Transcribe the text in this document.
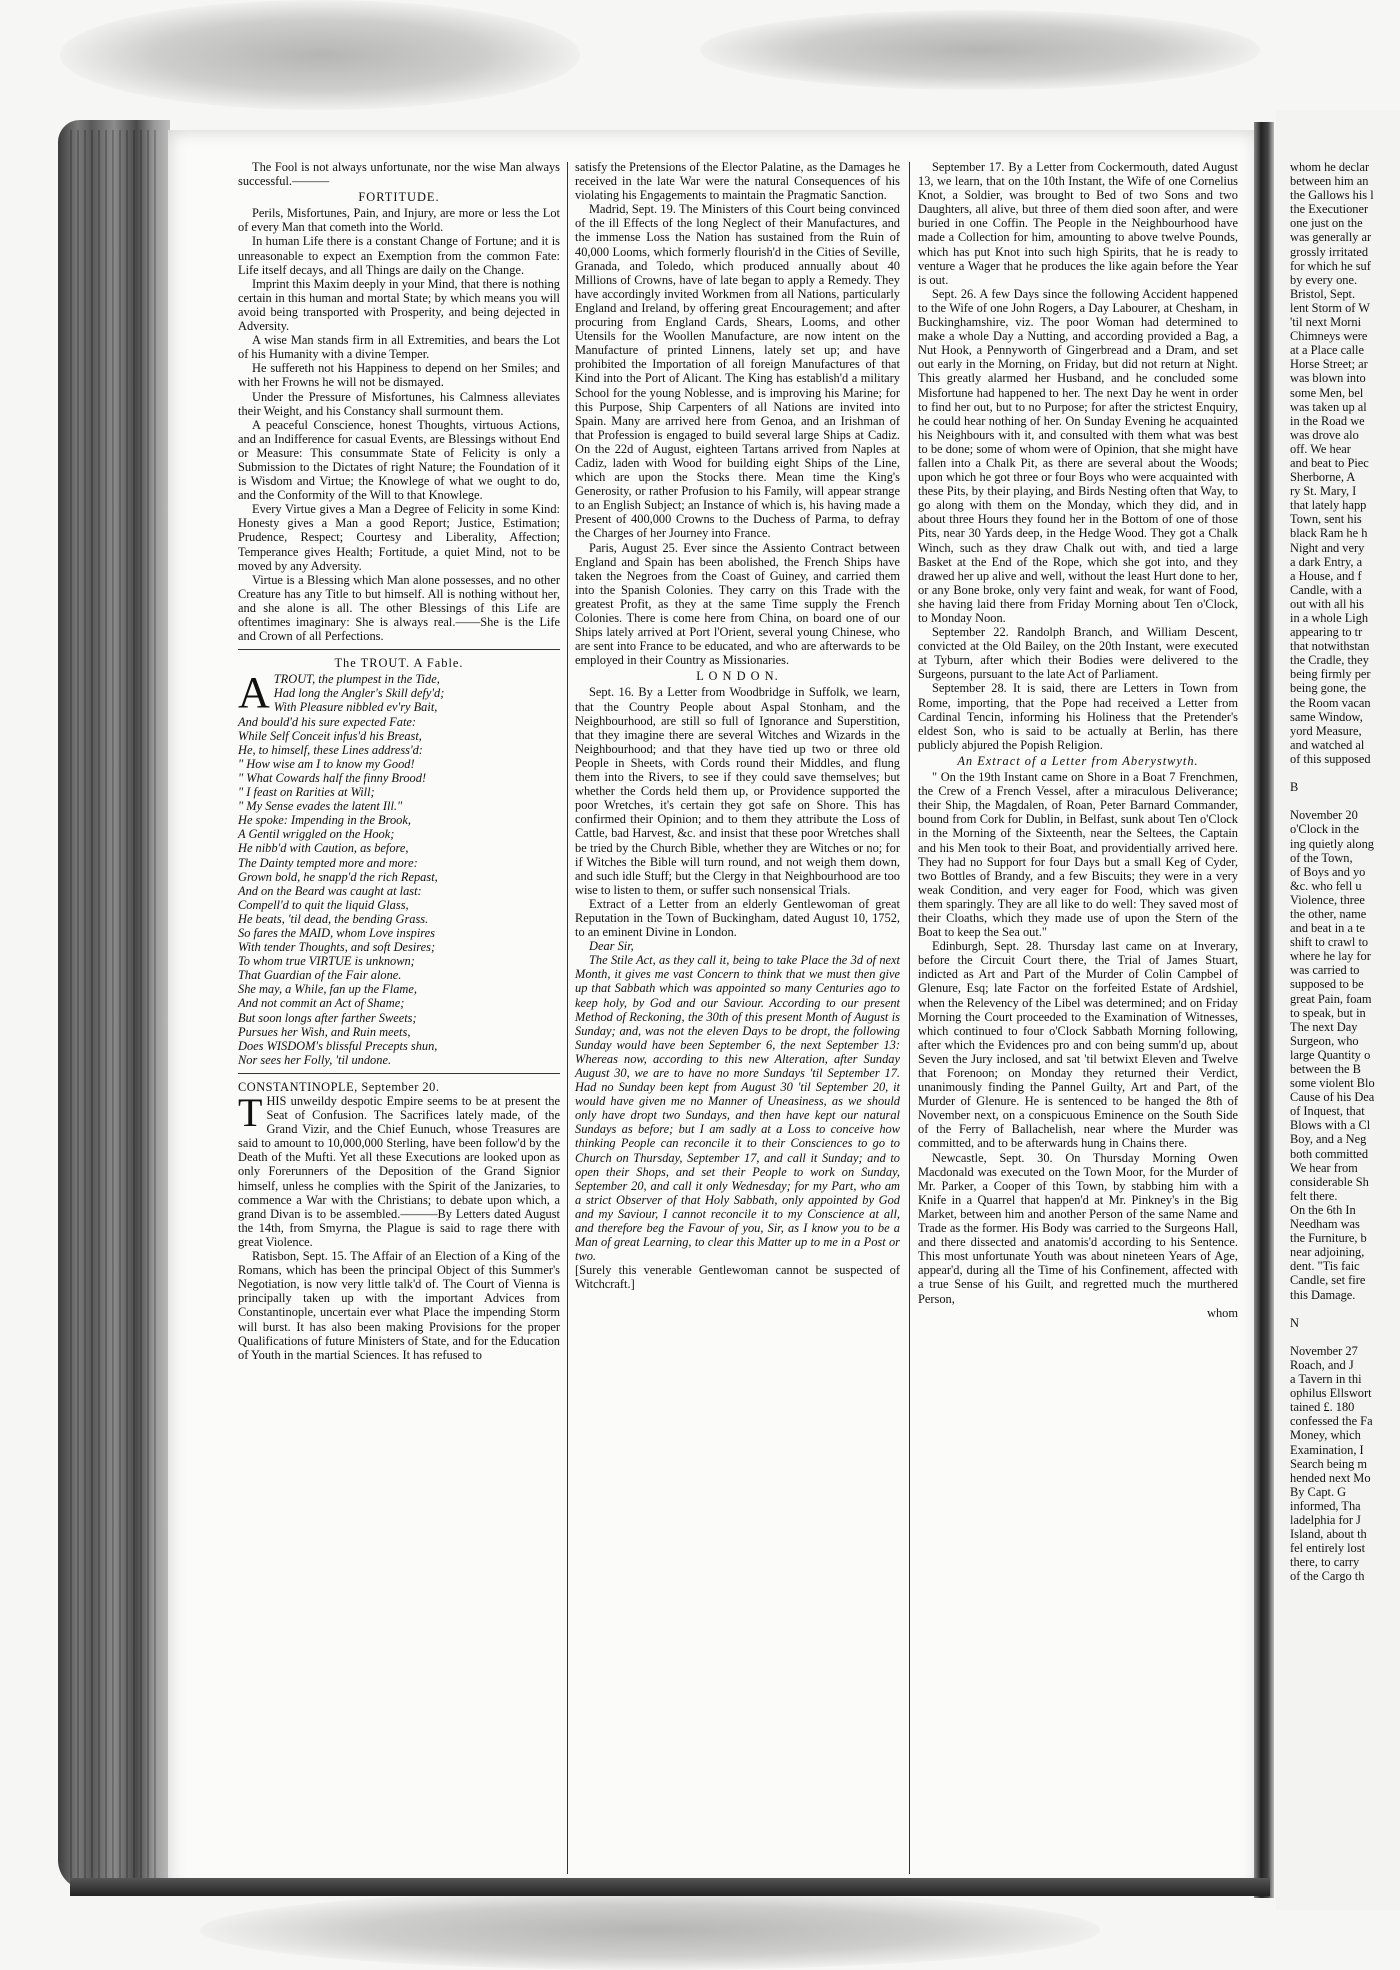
The Fool is not always unfortunate, nor the wise Man always successful.———

FORTITUDE.

Perils, Misfortunes, Pain, and Injury, are more or less the Lot of every Man that cometh into the World.

In human Life there is a constant Change of Fortune; and it is unreasonable to expect an Exemption from the common Fate: Life itself decays, and all Things are daily on the Change.

Imprint this Maxim deeply in your Mind, that there is nothing certain in this human and mortal State; by which means you will avoid being transported with Prosperity, and being dejected in Adversity.

A wise Man stands firm in all Extremities, and bears the Lot of his Humanity with a divine Temper.

He suffereth not his Happiness to depend on her Smiles; and with her Frowns he will not be dismayed.

Under the Pressure of Misfortunes, his Calmness alleviates their Weight, and his Constancy shall surmount them.

A peaceful Conscience, honest Thoughts, virtuous Actions, and an Indifference for casual Events, are Blessings without End or Measure: This consummate State of Felicity is only a Submission to the Dictates of right Nature; the Foundation of it is Wisdom and Virtue; the Knowlege of what we ought to do, and the Conformity of the Will to that Knowlege.

Every Virtue gives a Man a Degree of Felicity in some Kind: Honesty gives a Man a good Report; Justice, Estimation; Prudence, Respect; Courtesy and Liberality, Affection; Temperance gives Health; Fortitude, a quiet Mind, not to be moved by any Adversity.

Virtue is a Blessing which Man alone possesses, and no other Creature has any Title to but himself. All is nothing without her, and she alone is all. The other Blessings of this Life are oftentimes imaginary: She is always real.——She is the Life and Crown of all Perfections.

The TROUT. A Fable.

A TROUT, the plumpest in the Tide,

Had long the Angler's Skill defy'd;

With Pleasure nibbled ev'ry Bait,

And bould'd his sure expected Fate:

While Self Conceit infus'd his Breast,

He, to himself, these Lines address'd:

" How wise am I to know my Good!

" What Cowards half the finny Brood!

" I feast on Rarities at Will;

" My Sense evades the latent Ill."

He spoke: Impending in the Brook,

A Gentil wriggled on the Hook;

He nibb'd with Caution, as before,

The Dainty tempted more and more:

Grown bold, he snapp'd the rich Repast,

And on the Beard was caught at last:

Compell'd to quit the liquid Glass,

He beats, 'til dead, the bending Grass.

So fares the MAID, whom Love inspires

With tender Thoughts, and soft Desires;

To whom true VIRTUE is unknown;

That Guardian of the Fair alone.

She may, a While, fan up the Flame,

And not commit an Act of Shame;

But soon longs after farther Sweets;

Pursues her Wish, and Ruin meets,

Does WISDOM's blissful Precepts shun,

Nor sees her Folly, 'til undone.

CONSTANTINOPLE, September 20.

THIS unweildy despotic Empire seems to be at present the Seat of Confusion. The Sacrifices lately made, of the Grand Vizir, and the Chief Eunuch, whose Treasures are said to amount to 10,000,000 Sterling, have been follow'd by the Death of the Mufti. Yet all these Executions are looked upon as only Forerunners of the Deposition of the Grand Signior himself, unless he complies with the Spirit of the Janizaries, to commence a War with the Christians; to debate upon which, a grand Divan is to be assembled.———By Letters dated August the 14th, from Smyrna, the Plague is said to rage there with great Violence.

Ratisbon, Sept. 15. The Affair of an Election of a King of the Romans, which has been the principal Object of this Summer's Negotiation, is now very little talk'd of. The Court of Vienna is principally taken up with the important Advices from Constantinople, uncertain ever what Place the impending Storm will burst. It has also been making Provisions for the proper Qualifications of future Ministers of State, and for the Education of Youth in the martial Sciences. It has refused to

satisfy the Pretensions of the Elector Palatine, as the Damages he received in the late War were the natural Consequences of his violating his Engagements to maintain the Pragmatic Sanction.

Madrid, Sept. 19. The Ministers of this Court being convinced of the ill Effects of the long Neglect of their Manufactures, and the immense Loss the Nation has sustained from the Ruin of 40,000 Looms, which formerly flourish'd in the Cities of Seville, Granada, and Toledo, which produced annually about 40 Millions of Crowns, have of late began to apply a Remedy. They have accordingly invited Workmen from all Nations, particularly England and Ireland, by offering great Encouragement; and after procuring from England Cards, Shears, Looms, and other Utensils for the Woollen Manufacture, are now intent on the Manufacture of printed Linnens, lately set up; and have prohibited the Importation of all foreign Manufactures of that Kind into the Port of Alicant. The King has establish'd a military School for the young Noblesse, and is improving his Marine; for this Purpose, Ship Carpenters of all Nations are invited into Spain. Many are arrived here from Genoa, and an Irishman of that Profession is engaged to build several large Ships at Cadiz. On the 22d of August, eighteen Tartans arrived from Naples at Cadiz, laden with Wood for building eight Ships of the Line, which are upon the Stocks there. Mean time the King's Generosity, or rather Profusion to his Family, will appear strange to an English Subject; an Instance of which is, his having made a Present of 400,000 Crowns to the Duchess of Parma, to defray the Charges of her Journey into France.

Paris, August 25. Ever since the Assiento Contract between England and Spain has been abolished, the French Ships have taken the Negroes from the Coast of Guiney, and carried them into the Spanish Colonies. They carry on this Trade with the greatest Profit, as they at the same Time supply the French Colonies. There is come here from China, on board one of our Ships lately arrived at Port l'Orient, several young Chinese, who are sent into France to be educated, and who are afterwards to be employed in their Country as Missionaries.

L O N D O N.

Sept. 16. By a Letter from Woodbridge in Suffolk, we learn, that the Country People about Aspal Stonham, and the Neighbourhood, are still so full of Ignorance and Superstition, that they imagine there are several Witches and Wizards in the Neighbourhood; and that they have tied up two or three old People in Sheets, with Cords round their Middles, and flung them into the Rivers, to see if they could save themselves; but whether the Cords held them up, or Providence supported the poor Wretches, it's certain they got safe on Shore. This has confirmed their Opinion; and to them they attribute the Loss of Cattle, bad Harvest, &c. and insist that these poor Wretches shall be tried by the Church Bible, whether they are Witches or no; for if Witches the Bible will turn round, and not weigh them down, and such idle Stuff; but the Clergy in that Neighbourhood are too wise to listen to them, or suffer such nonsensical Trials.

Extract of a Letter from an elderly Gentlewoman of great Reputation in the Town of Buckingham, dated August 10, 1752, to an eminent Divine in London.

Dear Sir,

The Stile Act, as they call it, being to take Place the 3d of next Month, it gives me vast Concern to think that we must then give up that Sabbath which was appointed so many Centuries ago to keep holy, by God and our Saviour. According to our present Method of Reckoning, the 30th of this present Month of August is Sunday; and, was not the eleven Days to be dropt, the following Sunday would have been September 6, the next September 13: Whereas now, according to this new Alteration, after Sunday August 30, we are to have no more Sundays 'til September 17. Had no Sunday been kept from August 30 'til September 20, it would have given me no Manner of Uneasiness, as we should only have dropt two Sundays, and then have kept our natural Sundays as before; but I am sadly at a Loss to conceive how thinking People can reconcile it to their Consciences to go to Church on Thursday, September 17, and call it Sunday; and to open their Shops, and set their People to work on Sunday, September 20, and call it only Wednesday; for my Part, who am a strict Observer of that Holy Sabbath, only appointed by God and my Saviour, I cannot reconcile it to my Conscience at all, and therefore beg the Favour of you, Sir, as I know you to be a Man of great Learning, to clear this Matter up to me in a Post or two.

[Surely this venerable Gentlewoman cannot be suspected of Witchcraft.]

September 17. By a Letter from Cockermouth, dated August 13, we learn, that on the 10th Instant, the Wife of one Cornelius Knot, a Soldier, was brought to Bed of two Sons and two Daughters, all alive, but three of them died soon after, and were buried in one Coffin. The People in the Neighbourhood have made a Collection for him, amounting to above twelve Pounds, which has put Knot into such high Spirits, that he is ready to venture a Wager that he produces the like again before the Year is out.

Sept. 26. A few Days since the following Accident happened to the Wife of one John Rogers, a Day Labourer, at Chesham, in Buckinghamshire, viz. The poor Woman had determined to make a whole Day a Nutting, and according provided a Bag, a Nut Hook, a Pennyworth of Gingerbread and a Dram, and set out early in the Morning, on Friday, but did not return at Night. This greatly alarmed her Husband, and he concluded some Misfortune had happened to her. The next Day he went in order to find her out, but to no Purpose; for after the strictest Enquiry, he could hear nothing of her. On Sunday Evening he acquainted his Neighbours with it, and consulted with them what was best to be done; some of whom were of Opinion, that she might have fallen into a Chalk Pit, as there are several about the Woods; upon which he got three or four Boys who were acquainted with these Pits, by their playing, and Birds Nesting often that Way, to go along with them on the Monday, which they did, and in about three Hours they found her in the Bottom of one of those Pits, near 30 Yards deep, in the Hedge Wood. They got a Chalk Winch, such as they draw Chalk out with, and tied a large Basket at the End of the Rope, which she got into, and they drawed her up alive and well, without the least Hurt done to her, or any Bone broke, only very faint and weak, for want of Food, she having laid there from Friday Morning about Ten o'Clock, to Monday Noon.

September 22. Randolph Branch, and William Descent, convicted at the Old Bailey, on the 20th Instant, were executed at Tyburn, after which their Bodies were delivered to the Surgeons, pursuant to the late Act of Parliament.

September 28. It is said, there are Letters in Town from Rome, importing, that the Pope had received a Letter from Cardinal Tencin, informing his Holiness that the Pretender's eldest Son, who is said to be actually at Berlin, has there publicly abjured the Popish Religion.

An Extract of a Letter from Aberystwyth.

" On the 19th Instant came on Shore in a Boat 7 Frenchmen, the Crew of a French Vessel, after a miraculous Deliverance; their Ship, the Magdalen, of Roan, Peter Barnard Commander, bound from Cork for Dublin, in Belfast, sunk about Ten o'Clock in the Morning of the Sixteenth, near the Seltees, the Captain and his Men took to their Boat, and providentially arrived here. They had no Support for four Days but a small Keg of Cyder, two Bottles of Brandy, and a few Biscuits; they were in a very weak Condition, and very eager for Food, which was given them sparingly. They are all like to do well: They saved most of their Cloaths, which they made use of upon the Stern of the Boat to keep the Sea out."

Edinburgh, Sept. 28. Thursday last came on at Inverary, before the Circuit Court there, the Trial of James Stuart, indicted as Art and Part of the Murder of Colin Campbel of Glenure, Esq; late Factor on the forfeited Estate of Ardshiel, when the Relevency of the Libel was determined; and on Friday Morning the Court proceeded to the Examination of Witnesses, which continued to four o'Clock Sabbath Morning following, after which the Evidences pro and con being summ'd up, about Seven the Jury inclosed, and sat 'til betwixt Eleven and Twelve that Forenoon; on Monday they returned their Verdict, unanimously finding the Pannel Guilty, Art and Part, of the Murder of Glenure. He is sentenced to be hanged the 8th of November next, on a conspicuous Eminence on the South Side of the Ferry of Ballachelish, near where the Murder was committed, and to be afterwards hung in Chains there.

Newcastle, Sept. 30. On Thursday Morning Owen Macdonald was executed on the Town Moor, for the Murder of Mr. Parker, a Cooper of this Town, by stabbing him with a Knife in a Quarrel that happen'd at Mr. Pinkney's in the Big Market, between him and another Person of the same Name and Trade as the former. His Body was carried to the Surgeons Hall, and there dissected and anatomis'd according to his Sentence. This most unfortunate Youth was about nineteen Years of Age, appear'd, during all the Time of his Confinement, affected with a true Sense of his Guilt, and regretted much the murthered Person,

whom

whom he declar

between him an

the Gallows his l

the Executioner

one just on the

was generally ar

grossly irritated

for which he suf

by every one.

Bristol, Sept.

lent Storm of W

'til next Morni

Chimneys were

at a Place calle

Horse Street; ar

was blown into

some Men, bel

was taken up al

in the Road we

was drove alo

off. We hear

and beat to Piec

Sherborne, A

ry St. Mary, I

that lately happ

Town, sent his

black Ram he h

Night and very

a dark Entry, a

a House, and f

Candle, with a

out with all his

in a whole Ligh

appearing to tr

that notwithstan

the Cradle, they

being firmly per

being gone, the

the Room vacan

same Window,

yord Measure,

and watched al

of this supposed

B

November 20

o'Clock in the

ing quietly along

of the Town,

of Boys and yo

&c. who fell u

Violence, three

the other, name

and beat in a te

shift to crawl to

where he lay for

was carried to

supposed to be

great Pain, foam

to speak, but in

The next Day

Surgeon, who

large Quantity o

between the B

some violent Blo

Cause of his Dea

of Inquest, that

Blows with a Cl

Boy, and a Neg

both committed

We hear from

considerable Sh

felt there.

On the 6th In

Needham was

the Furniture, b

near adjoining,

dent. "Tis faic

Candle, set fire

this Damage.

N

November 27

Roach, and J

a Tavern in thi

ophilus Ellswort

tained £. 180

confessed the Fa

Money, which

Examination, I

Search being m

hended next Mo

By Capt. G

informed, Tha

ladelphia for J

Island, about th

fel entirely lost

there, to carry

of the Cargo th
